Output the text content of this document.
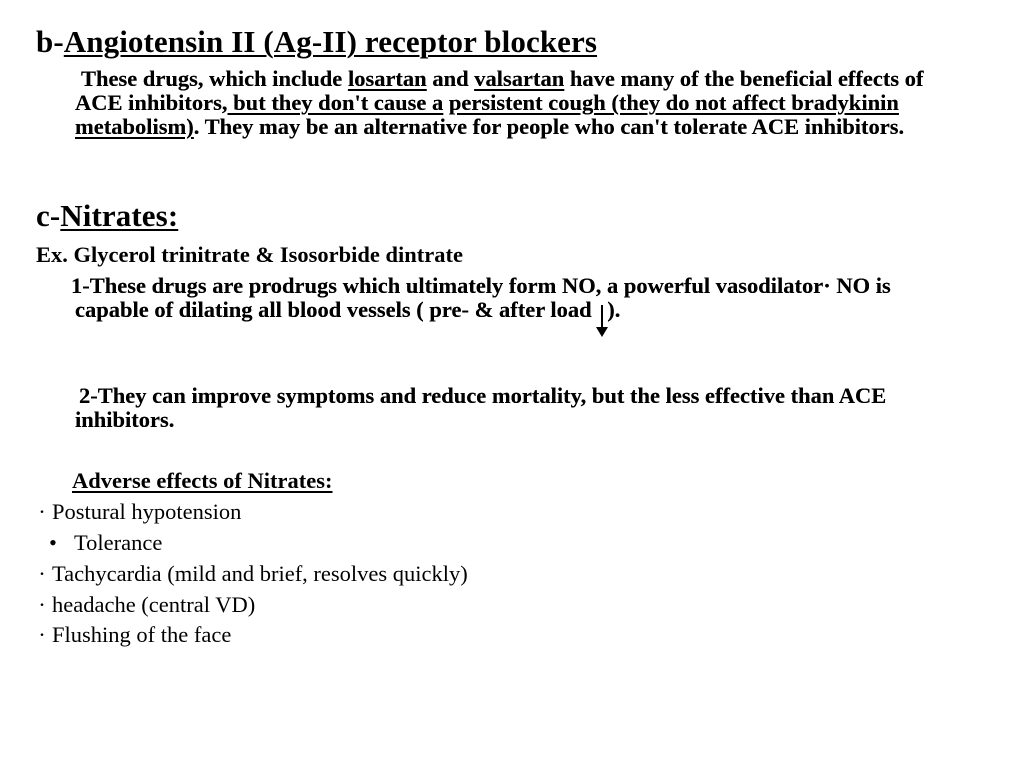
b-Angiotensin II (Ag-II) receptor blockers
These drugs, which include losartan and valsartan have many of the beneficial effects of ACE inhibitors, but they don't cause a persistent cough (they do not affect bradykinin metabolism). They may be an alternative for people who can't tolerate ACE inhibitors.
c-Nitrates:
Ex. Glycerol trinitrate & Isosorbide dintrate
1-These drugs are prodrugs which ultimately form NO, a powerful vasodilator· NO is capable of dilating all blood vessels ( pre- & after load
).
2-They can improve symptoms and reduce mortality, but the less effective than ACE inhibitors.
Adverse effects of Nitrates:
· Postural hypotension
• Tolerance
· Tachycardia (mild and brief, resolves quickly)
· headache (central VD)
· Flushing of the face
